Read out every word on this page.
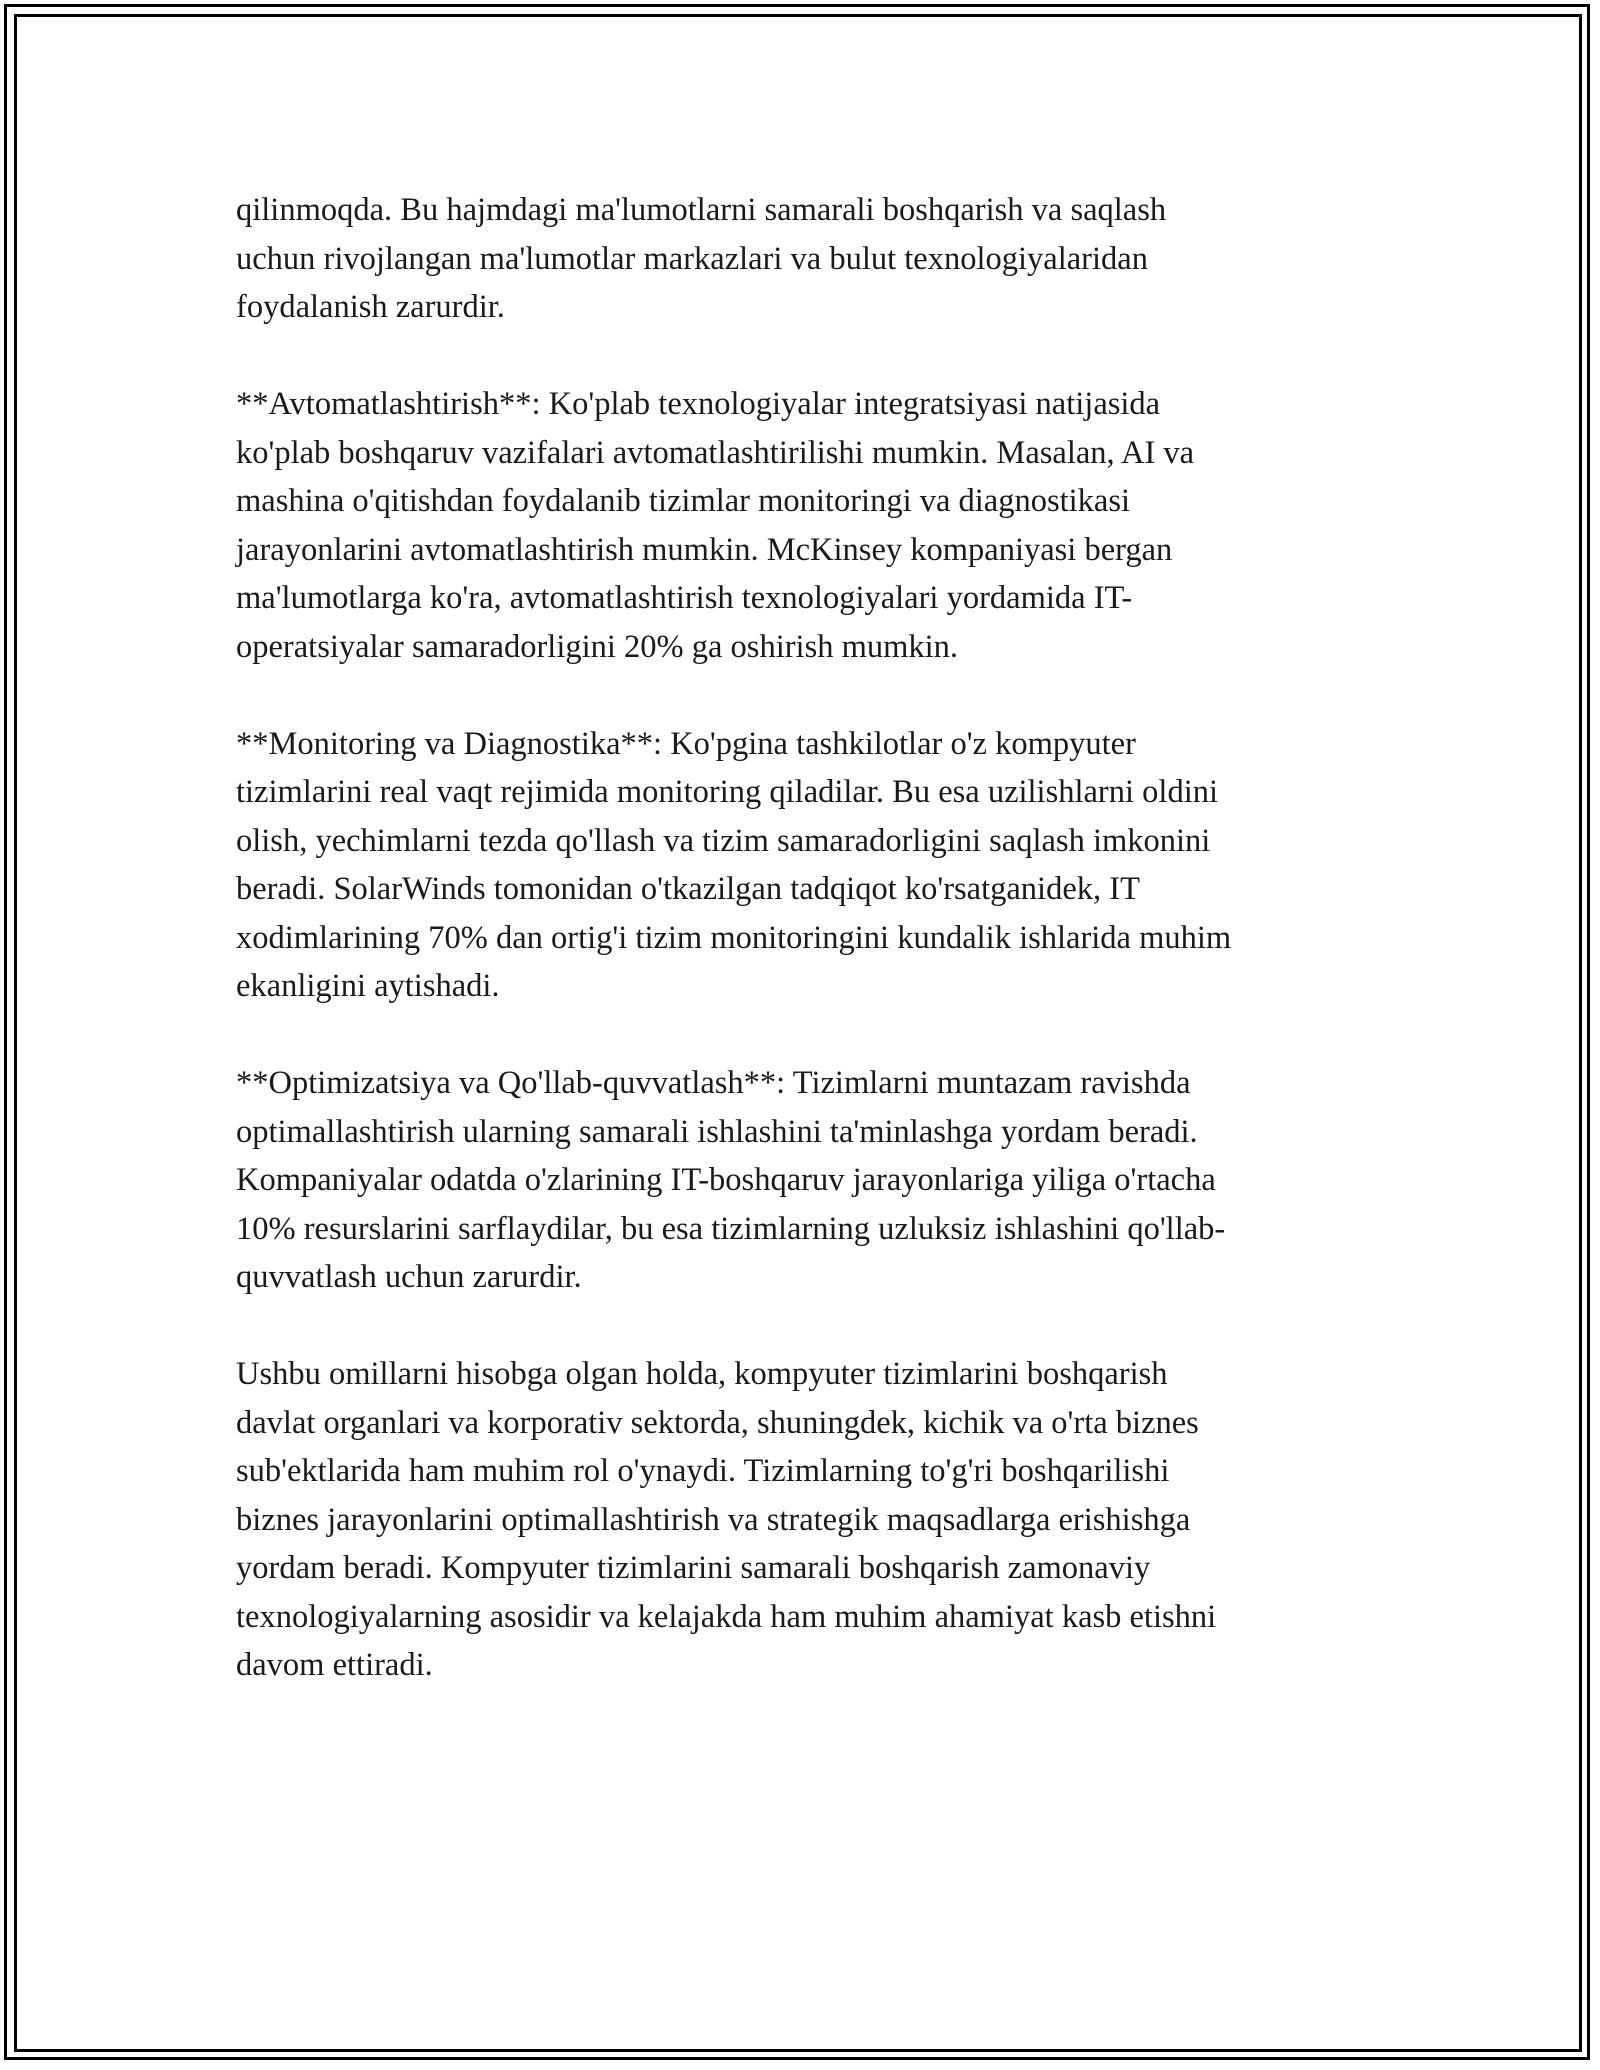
qilinmoqda. Bu hajmdagi ma'lumotlarni samarali boshqarish va saqlash
uchun rivojlangan ma'lumotlar markazlari va bulut texnologiyalaridan
foydalanish zarurdir.

**Avtomatlashtirish**: Ko'plab texnologiyalar integratsiyasi natijasida
ko'plab boshqaruv vazifalari avtomatlashtirilishi mumkin. Masalan, AI va
mashina o'qitishdan foydalanib tizimlar monitoringi va diagnostikasi
jarayonlarini avtomatlashtirish mumkin. McKinsey kompaniyasi bergan
ma'lumotlarga ko'ra, avtomatlashtirish texnologiyalari yordamida IT-
operatsiyalar samaradorligini 20% ga oshirish mumkin.

**Monitoring va Diagnostika**: Ko'pgina tashkilotlar o'z kompyuter
tizimlarini real vaqt rejimida monitoring qiladilar. Bu esa uzilishlarni oldini
olish, yechimlarni tezda qo'llash va tizim samaradorligini saqlash imkonini
beradi. SolarWinds tomonidan o'tkazilgan tadqiqot ko'rsatganidek, IT
xodimlarining 70% dan ortig'i tizim monitoringini kundalik ishlarida muhim
ekanligini aytishadi.

**Optimizatsiya va Qo'llab-quvvatlash**: Tizimlarni muntazam ravishda
optimallashtirish ularning samarali ishlashini ta'minlashga yordam beradi.
Kompaniyalar odatda o'zlarining IT-boshqaruv jarayonlariga yiliga o'rtacha
10% resurslarini sarflaydilar, bu esa tizimlarning uzluksiz ishlashini qo'llab-
quvvatlash uchun zarurdir.

Ushbu omillarni hisobga olgan holda, kompyuter tizimlarini boshqarish
davlat organlari va korporativ sektorda, shuningdek, kichik va o'rta biznes
sub'ektlarida ham muhim rol o'ynaydi. Tizimlarning to'g'ri boshqarilishi
biznes jarayonlarini optimallashtirish va strategik maqsadlarga erishishga
yordam beradi. Kompyuter tizimlarini samarali boshqarish zamonaviy
texnologiyalarning asosidir va kelajakda ham muhim ahamiyat kasb etishni
davom ettiradi.
